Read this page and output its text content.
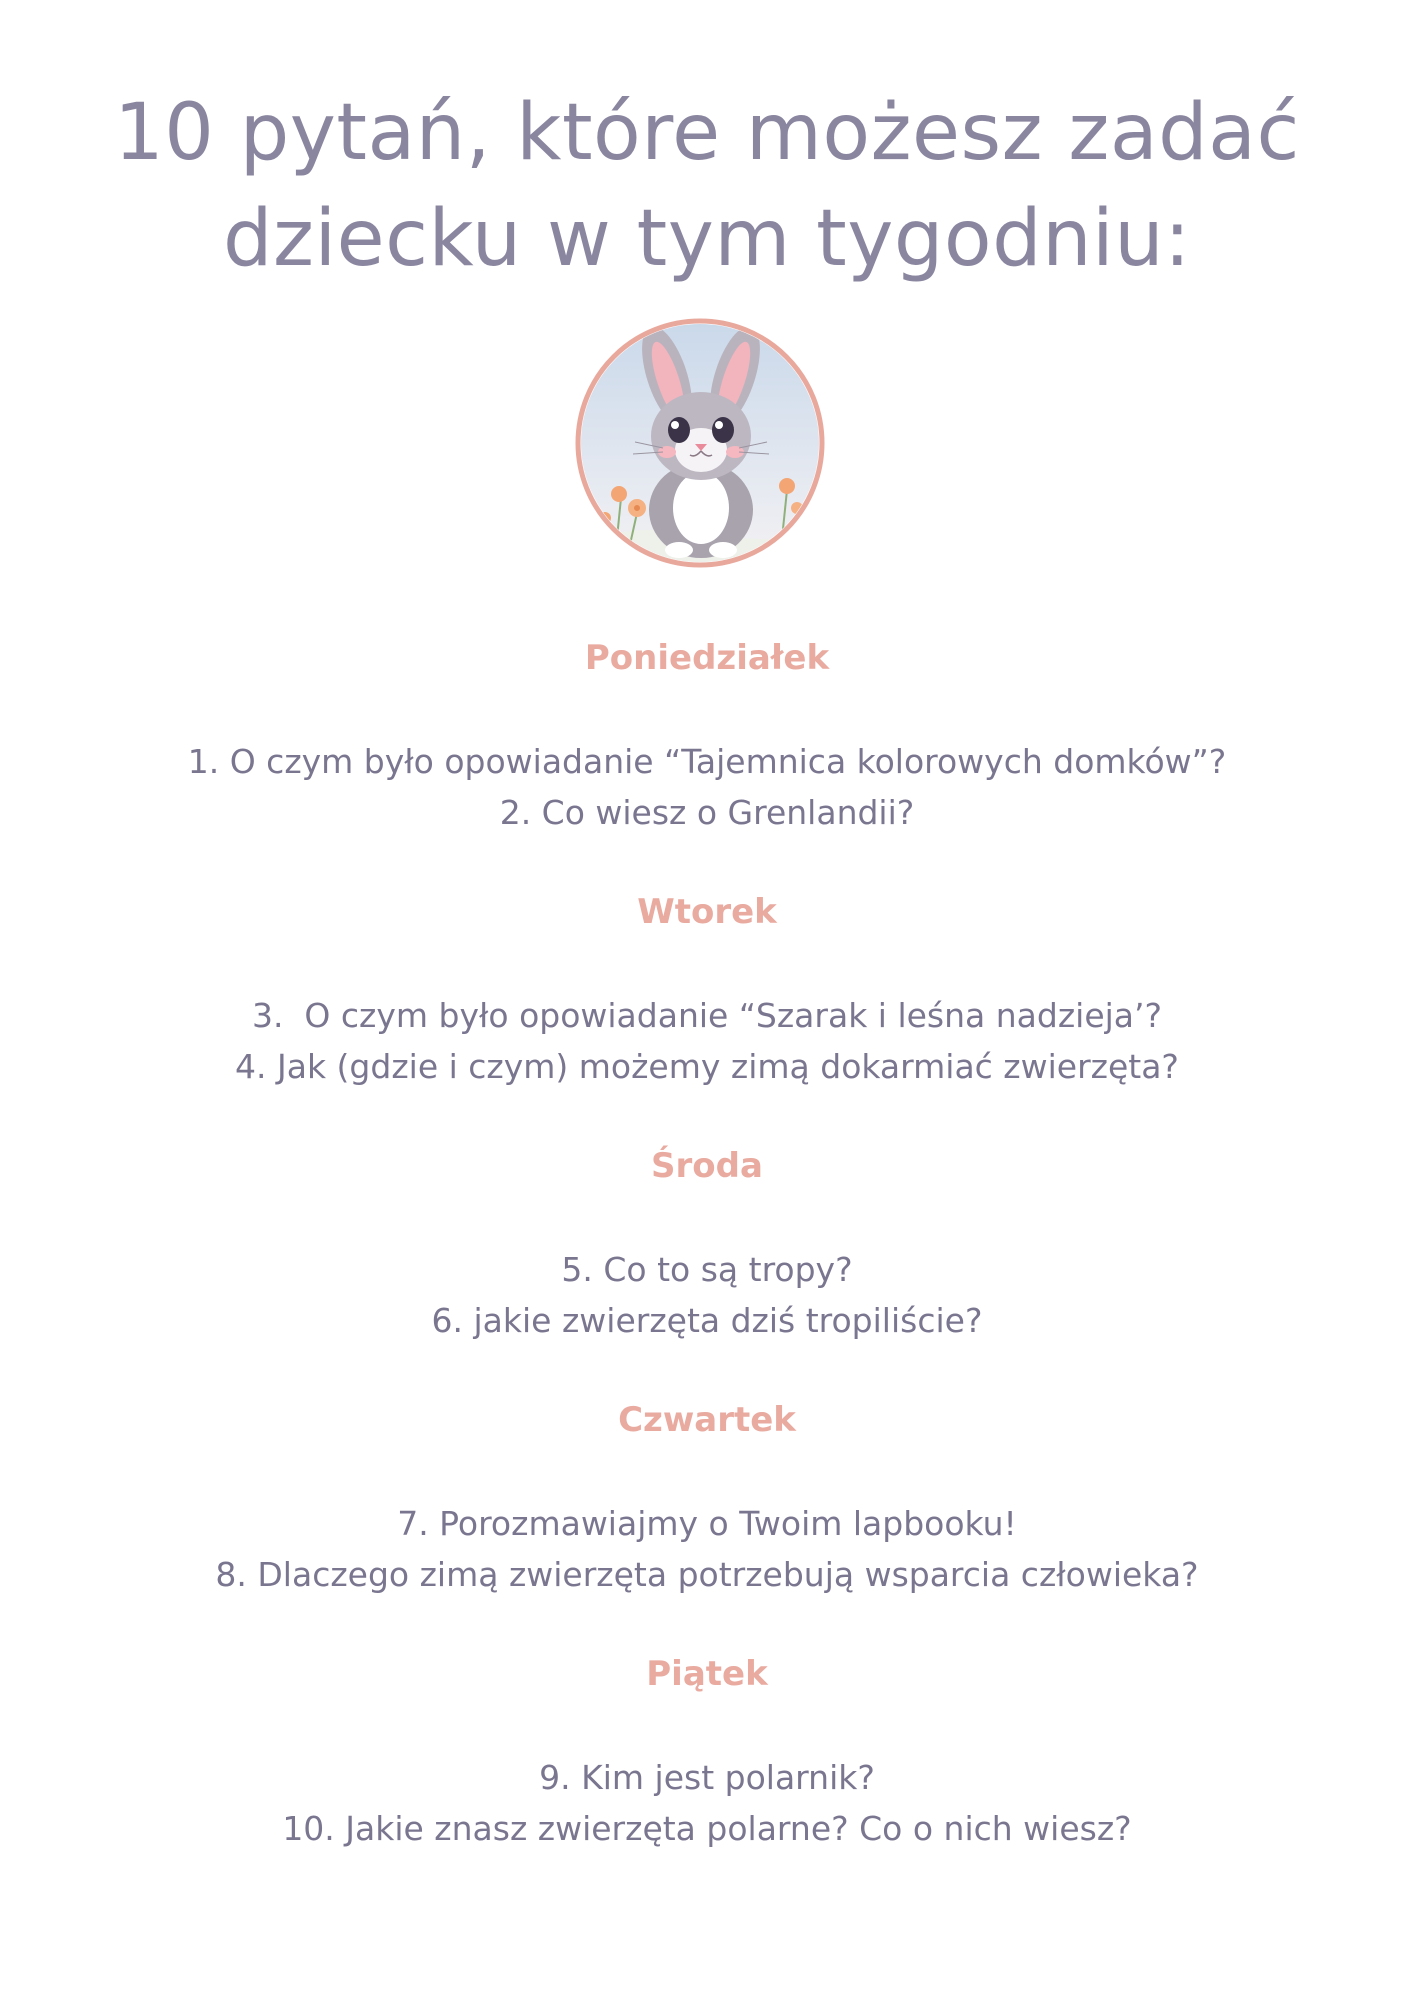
10 pytań, które możesz zadać
dziecku w tym tygodniu:
Poniedziałek
1. O czym było opowiadanie “Tajemnica kolorowych domków”?
2. Co wiesz o Grenlandii?
Wtorek
3.  O czym było opowiadanie “Szarak i leśna nadzieja’?
4. Jak (gdzie i czym) możemy zimą dokarmiać zwierzęta?
Środa
5. Co to są tropy?
6. jakie zwierzęta dziś tropiliście?
Czwartek
7. Porozmawiajmy o Twoim lapbooku!
8. Dlaczego zimą zwierzęta potrzebują wsparcia człowieka?
Piątek
9. Kim jest polarnik?
10. Jakie znasz zwierzęta polarne? Co o nich wiesz?
